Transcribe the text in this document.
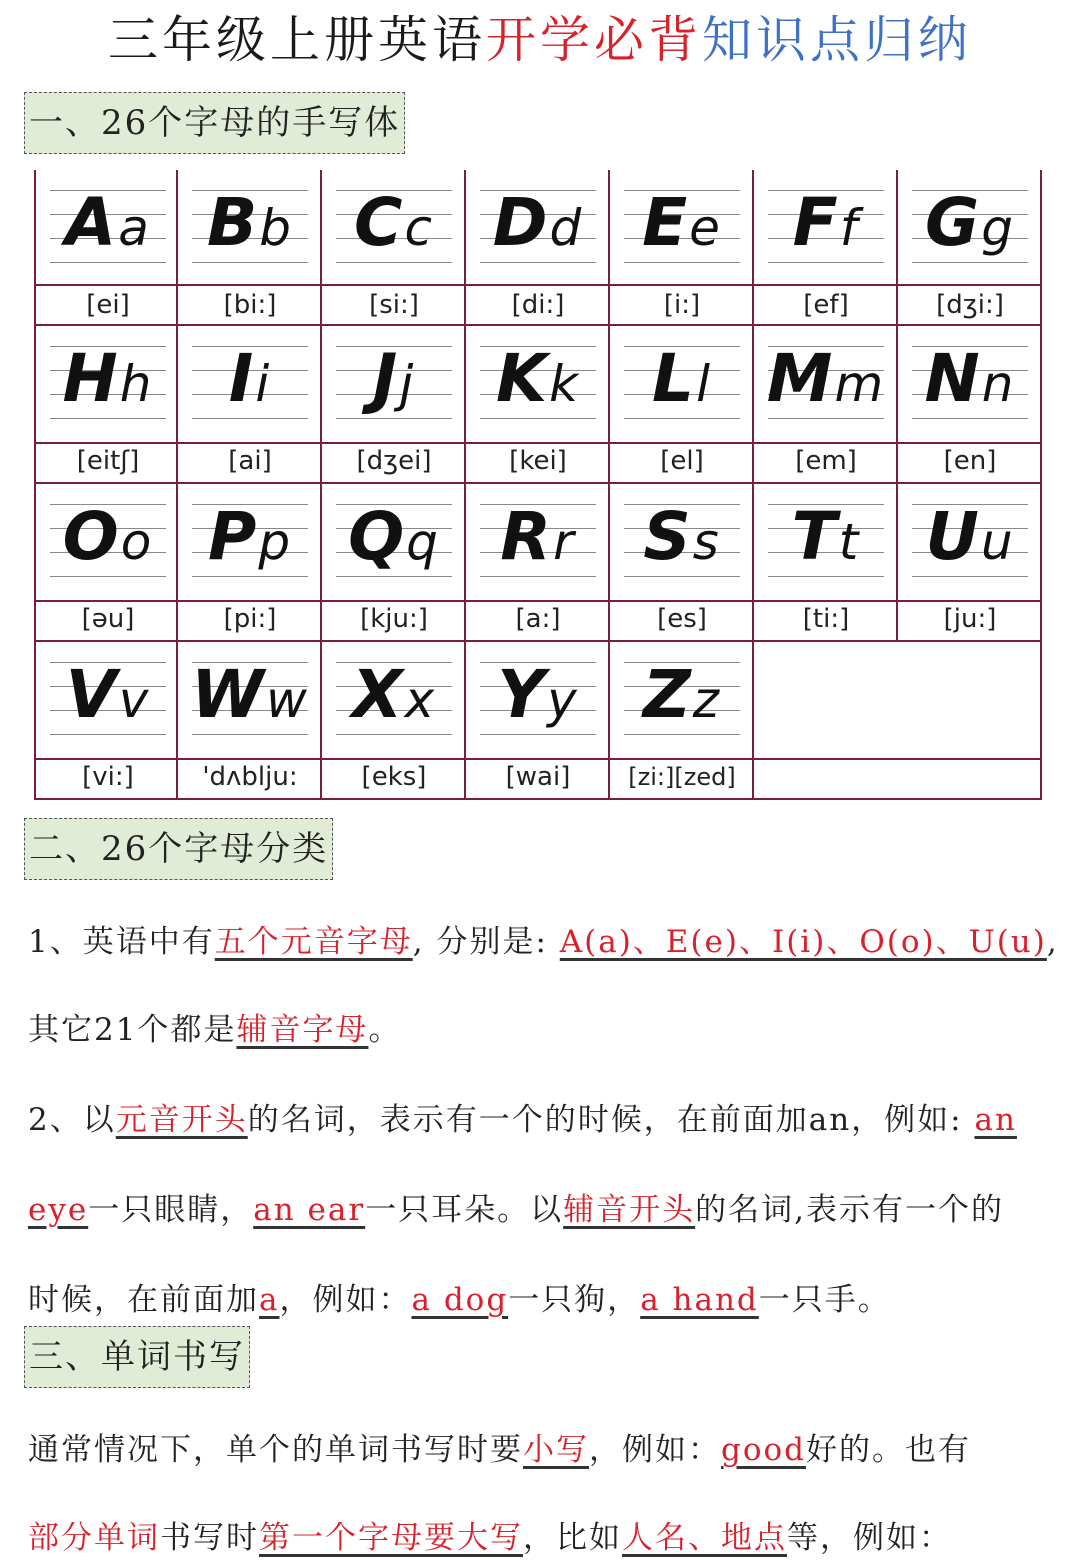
三年级上册英语开学必背知识点归纳
一、26个字母的手写体
Aa
[ei]
Bb
[bi:]
Cc
[si:]
Dd
[di:]
Ee
[i:]
Ff
[ef]
Gg
[dʒi:]
Hh
[eitʃ]
Ii
[ai]
Jj
[dʒei]
Kk
[kei]
Ll
[el]
Mm
[em]
Nn
[en]
Oo
[əu]
Pp
[pi:]
Qq
[kju:]
Rr
[a:]
Ss
[es]
Tt
[ti:]
Uu
[ju:]
Vv
[vi:]
Ww
'dʌblju:
Xx
[eks]
Yy
[wai]
Zz
[zi:][zed]
二、26个字母分类
1、英语中有五个元音字母, 分别是: A(a)、E(e)、I(i)、O(o)、U(u),
其它21个都是辅音字母。
2、以元音开头的名词，表示有一个的时候，在前面加an，例如: an
eye一只眼睛，an ear一只耳朵。以辅音开头的名词,表示有一个的
时候，在前面加a，例如：a dog一只狗，a hand一只手。
三、单词书写
通常情况下，单个的单词书写时要小写，例如：good好的。也有
部分单词书写时第一个字母要大写，比如人名、地点等，例如：
